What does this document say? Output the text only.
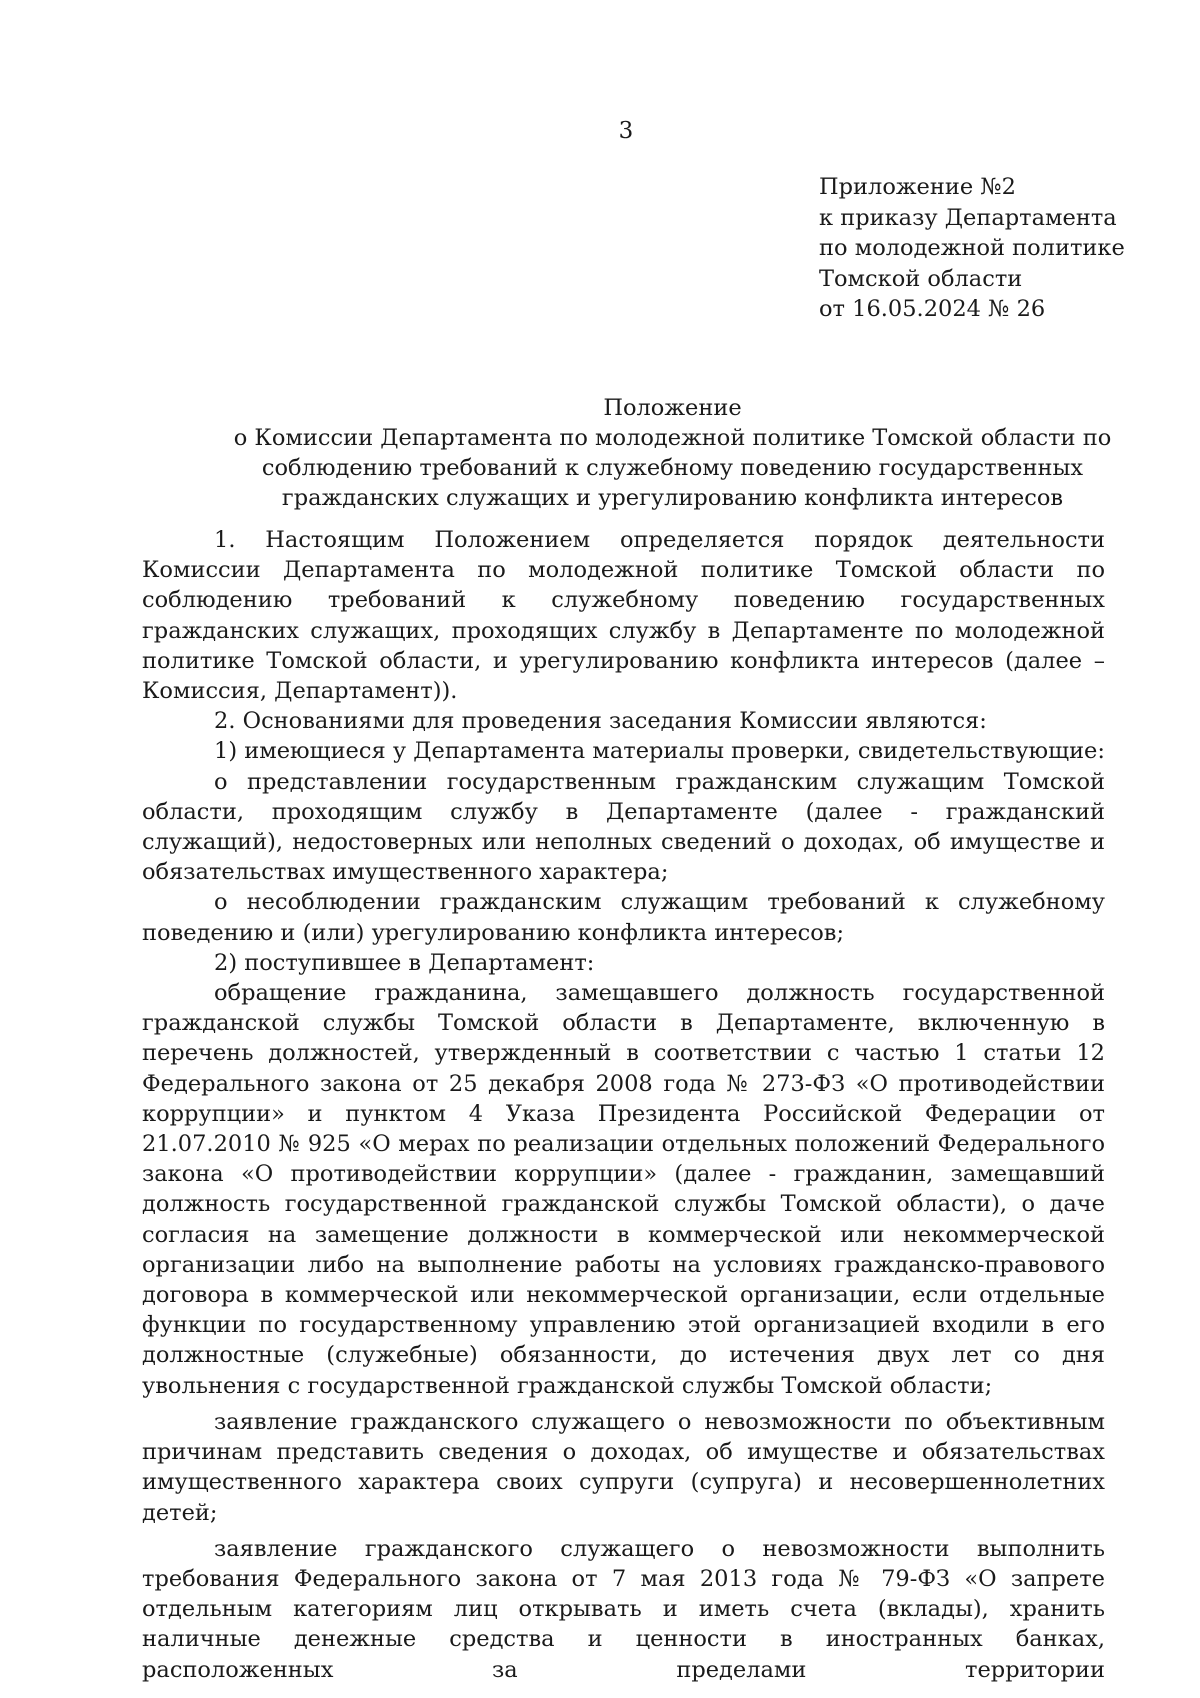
3
Приложение №2
к приказу Департамента
по молодежной политике
Томской области
от 16.05.2024 № 26
Положение
о Комиссии Департамента по молодежной политике Томской области по
соблюдению требований к служебному поведению государственных
гражданских служащих и урегулированию конфликта интересов

1. Настоящим Положением определяется порядок деятельности Комиссии Департамента по молодежной политике Томской области по соблюдению требований к служебному поведению государственных гражданских служащих, проходящих службу в Департаменте по молодежной политике Томской области, и урегулированию конфликта интересов (далее – Комиссия, Департамент)).

2. Основаниями для проведения заседания Комиссии являются:

1) имеющиеся у Департамента материалы проверки, свидетельствующие:

о представлении государственным гражданским служащим Томской области, проходящим службу в Департаменте (далее - гражданский служащий), недостоверных или неполных сведений о доходах, об имуществе и обязательствах имущественного характера;

о несоблюдении гражданским служащим требований к служебному поведению и (или) урегулированию конфликта интересов;

2) поступившее в Департамент:

обращение гражданина, замещавшего должность государственной гражданской службы Томской области в Департаменте, включенную в перечень должностей, утвержденный в соответствии с частью 1 статьи 12 Федерального закона от 25 декабря 2008 года № 273-ФЗ «О противодействии коррупции» и пунктом 4 Указа Президента Российской Федерации от 21.07.2010 № 925 «О мерах по реализации отдельных положений Федерального закона «О противодействии коррупции» (далее - гражданин, замещавший должность государственной гражданской службы Томской области), о даче согласия на замещение должности в коммерческой или некоммерческой организации либо на выполнение работы на условиях гражданско-правового договора в коммерческой или некоммерческой организации, если отдельные функции по государственному управлению этой организацией входили в его должностные (служебные) обязанности, до истечения двух лет со дня увольнения с государственной гражданской службы Томской области;

заявление гражданского служащего о невозможности по объективным причинам представить сведения о доходах, об имуществе и обязательствах имущественного характера своих супруги (супруга) и несовершеннолетних детей;

заявление гражданского служащего о невозможности выполнить требования Федерального закона от 7 мая 2013 года № 79-ФЗ «О запрете отдельным категориям лиц открывать и иметь счета (вклады), хранить наличные денежные средства и ценности в иностранных банках, расположенных за пределами территории
